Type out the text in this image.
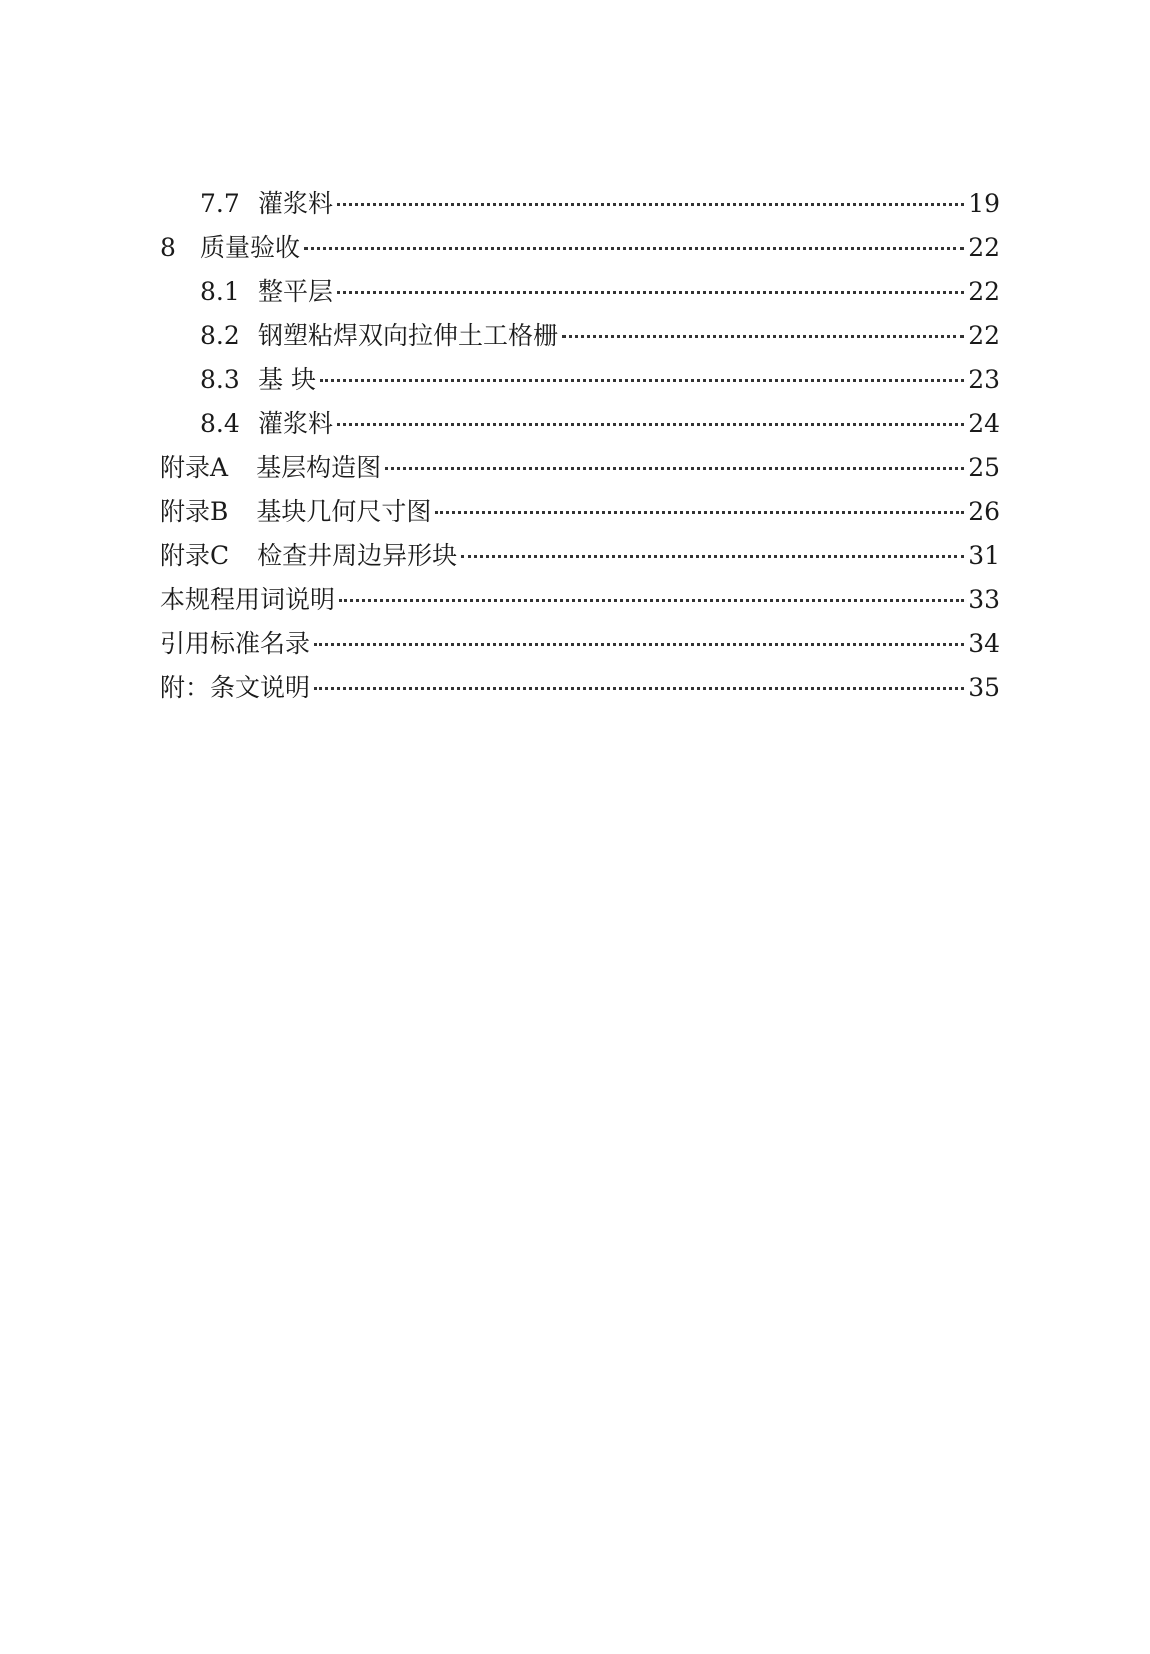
7.7 灌浆料	19
8 质量验收	22
8.1 整平层	22
8.2 钢塑粘焊双向拉伸土工格栅	22
8.3 基 块	23
8.4 灌浆料	24
附录A 基层构造图	25
附录B 基块几何尺寸图	26
附录C 检查井周边异形块	31
本规程用词说明	33
引用标准名录	34
附：条文说明	35
